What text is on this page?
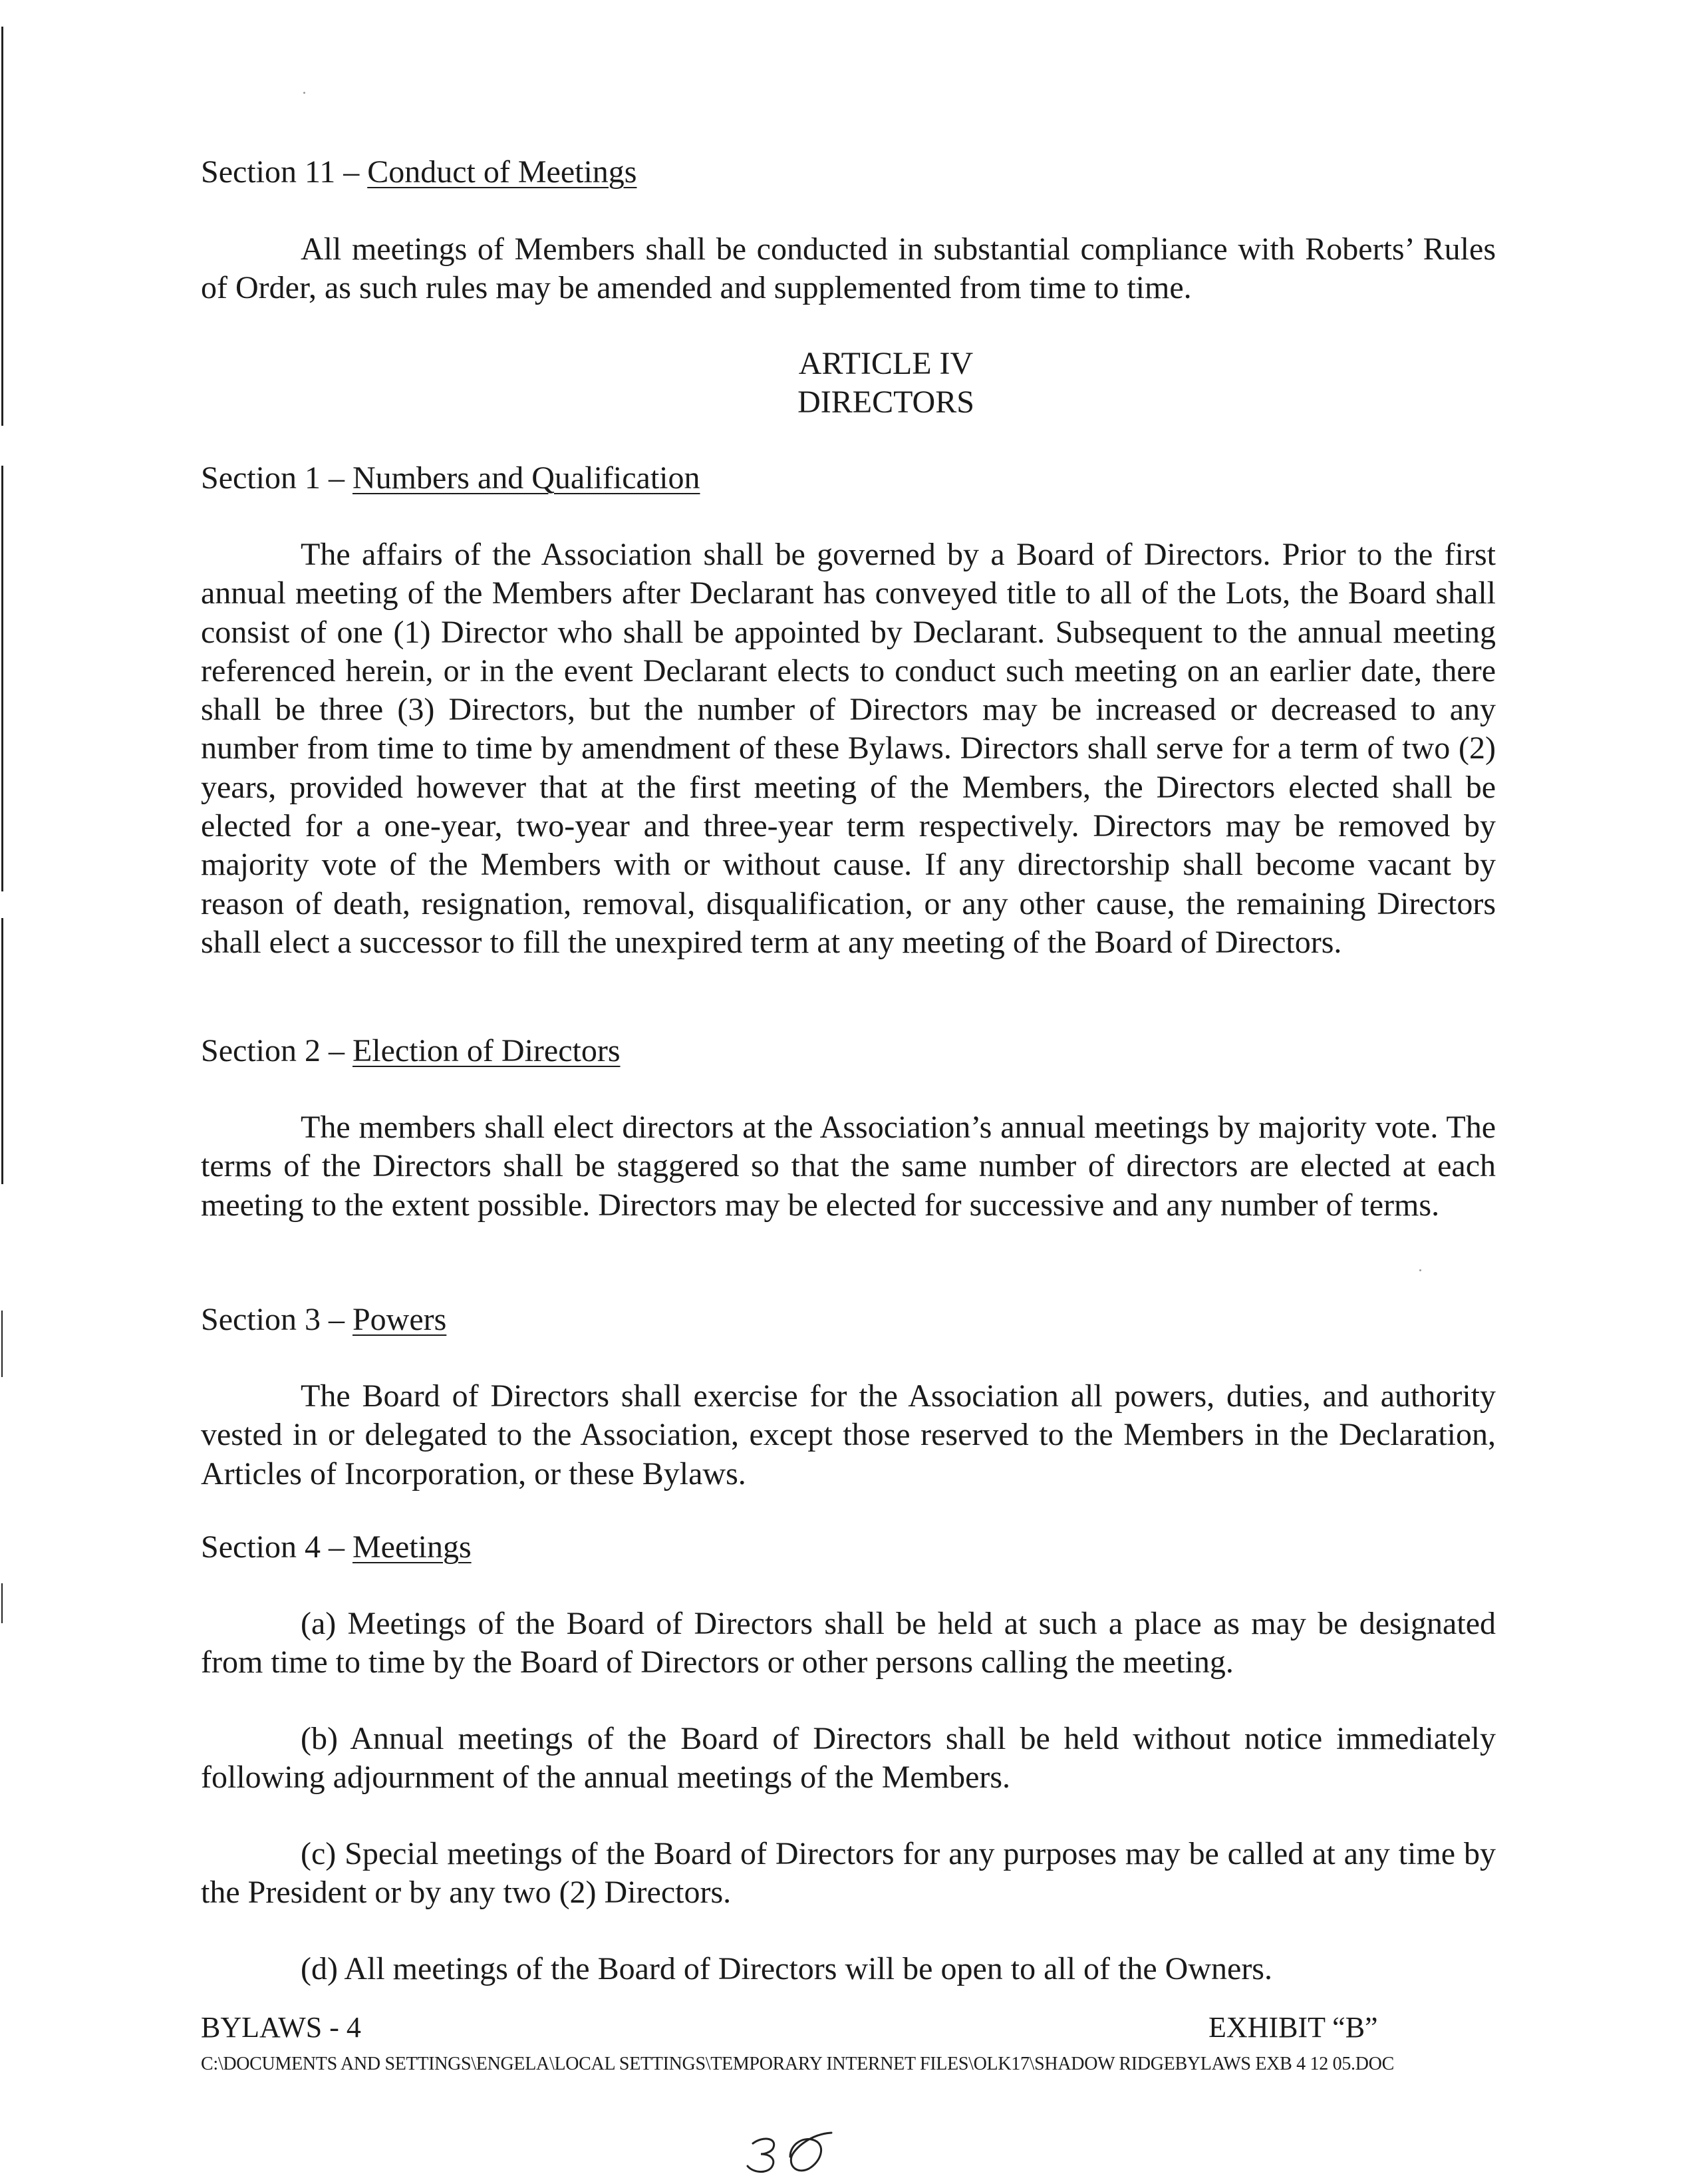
Section 11 – Conduct of Meetings
All meetings of Members shall be conducted in substantial compliance with Roberts’ Rules of Order, as such rules may be amended and supplemented from time to time.
ARTICLE IV
DIRECTORS
Section 1 – Numbers and Qualification
The affairs of the Association shall be governed by a Board of Directors. Prior to the first annual meeting of the Members after Declarant has conveyed title to all of the Lots, the Board shall consist of one (1) Director who shall be appointed by Declarant. Subsequent to the annual meeting referenced herein, or in the event Declarant elects to conduct such meeting on an earlier date, there shall be three (3) Directors, but the number of Directors may be increased or decreased to any number from time to time by amendment of these Bylaws. Directors shall serve for a term of two (2) years, provided however that at the first meeting of the Members, the Directors elected shall be elected for a one-year, two-year and three-year term respectively. Directors may be removed by majority vote of the Members with or without cause. If any directorship shall become vacant by reason of death, resignation, removal, disqualification, or any other cause, the remaining Directors shall elect a successor to fill the unexpired term at any meeting of the Board of Directors.
Section 2 – Election of Directors
The members shall elect directors at the Association’s annual meetings by majority vote. The terms of the Directors shall be staggered so that the same number of directors are elected at each meeting to the extent possible. Directors may be elected for successive and any number of terms.
Section 3 – Powers
The Board of Directors shall exercise for the Association all powers, duties, and authority vested in or delegated to the Association, except those reserved to the Members in the Declaration, Articles of Incorporation, or these Bylaws.
Section 4 – Meetings
(a) Meetings of the Board of Directors shall be held at such a place as may be designated from time to time by the Board of Directors or other persons calling the meeting.
(b) Annual meetings of the Board of Directors shall be held without notice immediately following adjournment of the annual meetings of the Members.
(c) Special meetings of the Board of Directors for any purposes may be called at any time by the President or by any two (2) Directors.
(d) All meetings of the Board of Directors will be open to all of the Owners.
BYLAWS - 4	EXHIBIT “B”
C:\DOCUMENTS AND SETTINGS\ENGELA\LOCAL SETTINGS\TEMPORARY INTERNET FILES\OLK17\SHADOW RIDGEBYLAWS EXB 4 12 05.DOC
